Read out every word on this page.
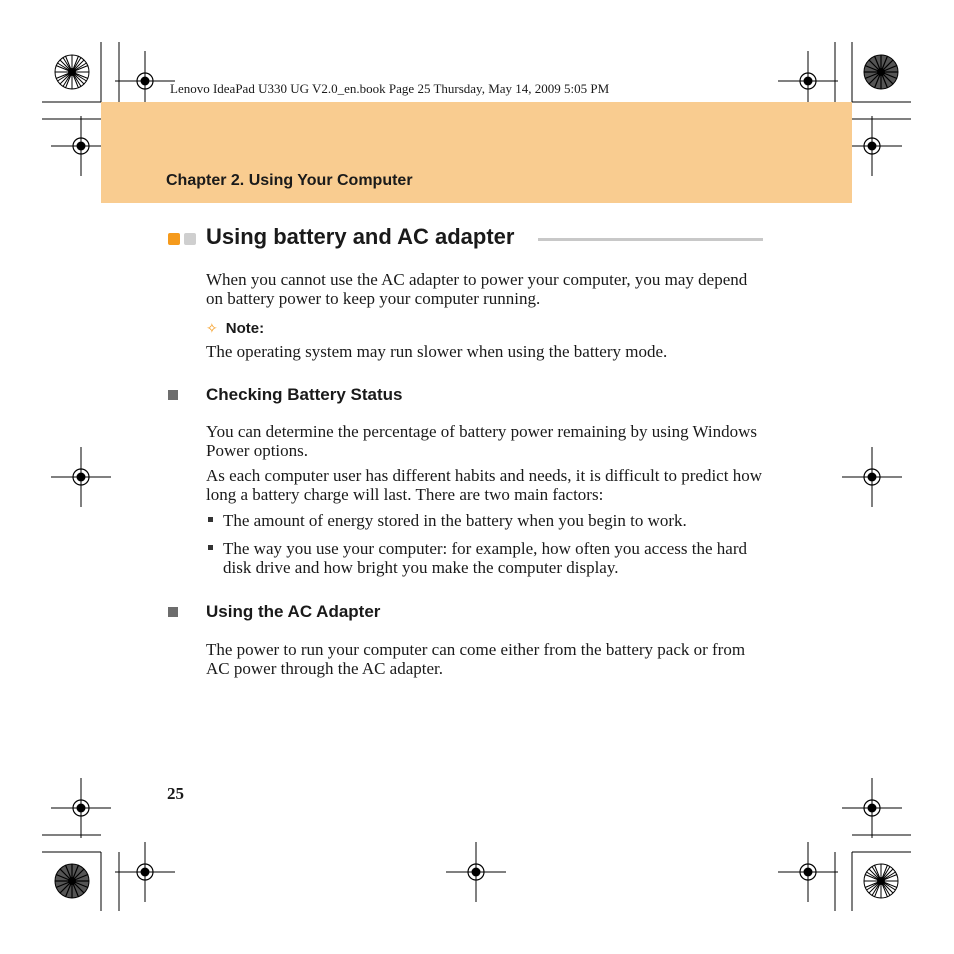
Lenovo IdeaPad U330 UG V2.0_en.book Page 25 Thursday, May 14, 2009 5:05 PM
Chapter 2. Using Your Computer
Using battery and AC adapter
When you cannot use the AC adapter to power your computer, you may depend on battery power to keep your computer running.
✧ Note:
The operating system may run slower when using the battery mode.
Checking Battery Status
You can determine the percentage of battery power remaining by using Windows Power options.
As each computer user has different habits and needs, it is difficult to predict how long a battery charge will last. There are two main factors:
The amount of energy stored in the battery when you begin to work.
The way you use your computer: for example, how often you access the hard disk drive and how bright you make the computer display.
Using the AC Adapter
The power to run your computer can come either from the battery pack or from AC power through the AC adapter.
25
